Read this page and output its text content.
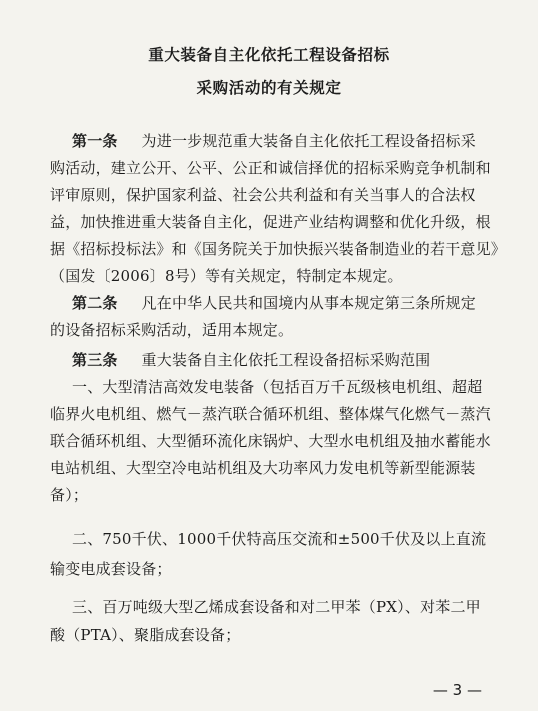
重大装备自主化依托工程设备招标
采购活动的有关规定
第一条 为进一步规范重大装备自主化依托工程设备招标采
购活动，建立公开、公平、公正和诚信择优的招标采购竞争机制和
评审原则，保护国家利益、社会公共利益和有关当事人的合法权
益，加快推进重大装备自主化，促进产业结构调整和优化升级，根
据《招标投标法》和《国务院关于加快振兴装备制造业的若干意见》
（国发〔2006〕8号）等有关规定，特制定本规定。
第二条 凡在中华人民共和国境内从事本规定第三条所规定
的设备招标采购活动，适用本规定。
第三条 重大装备自主化依托工程设备招标采购范围
一、大型清洁高效发电装备（包括百万千瓦级核电机组、超超
临界火电机组、燃气－蒸汽联合循环机组、整体煤气化燃气－蒸汽
联合循环机组、大型循环流化床锅炉、大型水电机组及抽水蓄能水
电站机组、大型空冷电站机组及大功率风力发电机等新型能源装
备）；
二、750千伏、1000千伏特高压交流和±500千伏及以上直流
输变电成套设备；
三、百万吨级大型乙烯成套设备和对二甲苯（PX）、对苯二甲
酸（PTA）、聚脂成套设备；
— 3 —
